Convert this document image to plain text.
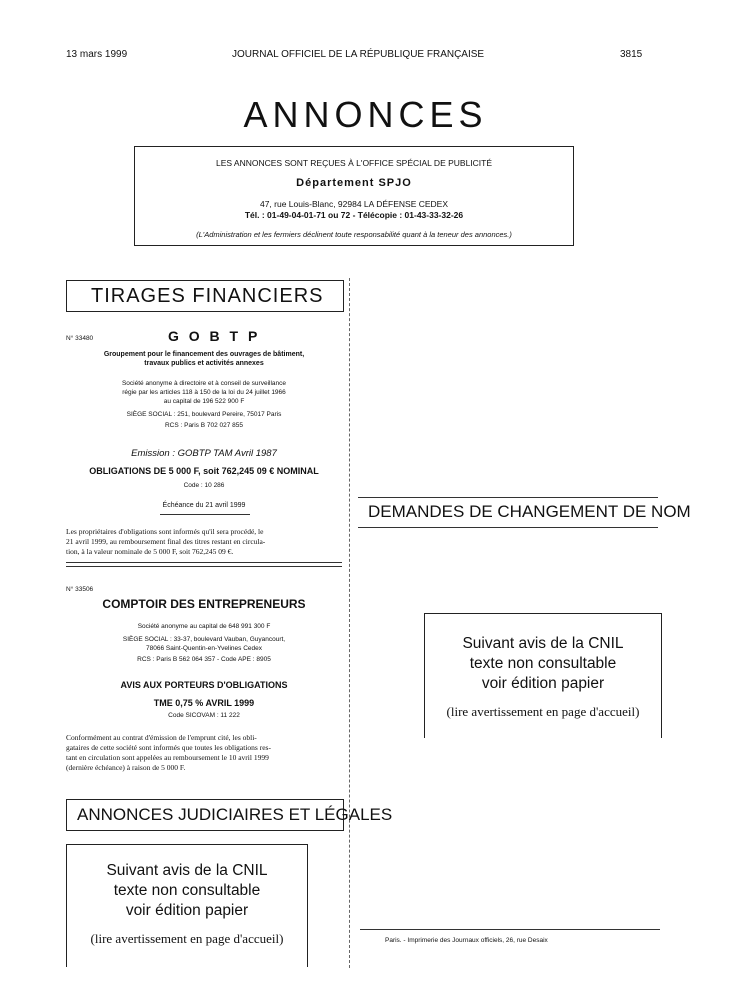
13 mars 1999	JOURNAL OFFICIEL DE LA RÉPUBLIQUE FRANÇAISE	3815
ANNONCES
LES ANNONCES SONT REÇUES À L'OFFICE SPÉCIAL DE PUBLICITÉ
Département SPJO
47, rue Louis-Blanc, 92984 LA DÉFENSE CEDEX
Tél. : 01-49-04-01-71 ou 72 - Télécopie : 01-43-33-32-26
(L'Administration et les fermiers déclinent toute responsabilité quant à la teneur des annonces.)
TIRAGES FINANCIERS
N° 33480	G O B T P
Groupement pour le financement des ouvrages de bâtiment,
travaux publics et activités annexes
Société anonyme à directoire et à conseil de surveillance
régie par les articles 118 à 150 de la loi du 24 juillet 1966
au capital de 196 522 900 F
SIÈGE SOCIAL : 251, boulevard Pereire, 75017 Paris
RCS : Paris B 702 027 855
Emission : GOBTP TAM Avril 1987
OBLIGATIONS DE 5 000 F, soit 762,245 09 € NOMINAL
Code : 10 286
Échéance du 21 avril 1999
Les propriétaires d'obligations sont informés qu'il sera procédé, le
21 avril 1999, au remboursement final des titres restant en circula-
tion, à la valeur nominale de 5 000 F, soit 762,245 09 €.
N° 33506
COMPTOIR DES ENTREPRENEURS
Société anonyme au capital de 648 991 300 F
SIÈGE SOCIAL : 33-37, boulevard Vauban, Guyancourt,
78066 Saint-Quentin-en-Yvelines Cedex
RCS : Paris B 562 064 357 - Code APE : 8905
AVIS AUX PORTEURS D'OBLIGATIONS
TME 0,75 % AVRIL 1999
Code SICOVAM : 11 222
Conformément au contrat d'émission de l'emprunt cité, les obli-
gataires de cette société sont informés que toutes les obligations res-
tant en circulation sont appelées au remboursement le 10 avril 1999
(dernière échéance) à raison de 5 000 F.
ANNONCES JUDICIAIRES ET LÉGALES
Suivant avis de la CNIL
texte non consultable
voir édition papier
(lire avertissement en page d'accueil)
DEMANDES DE CHANGEMENT DE NOM
Suivant avis de la CNIL
texte non consultable
voir édition papier
(lire avertissement en page d'accueil)
Paris. - Imprimerie des Journaux officiels, 26, rue Desaix
